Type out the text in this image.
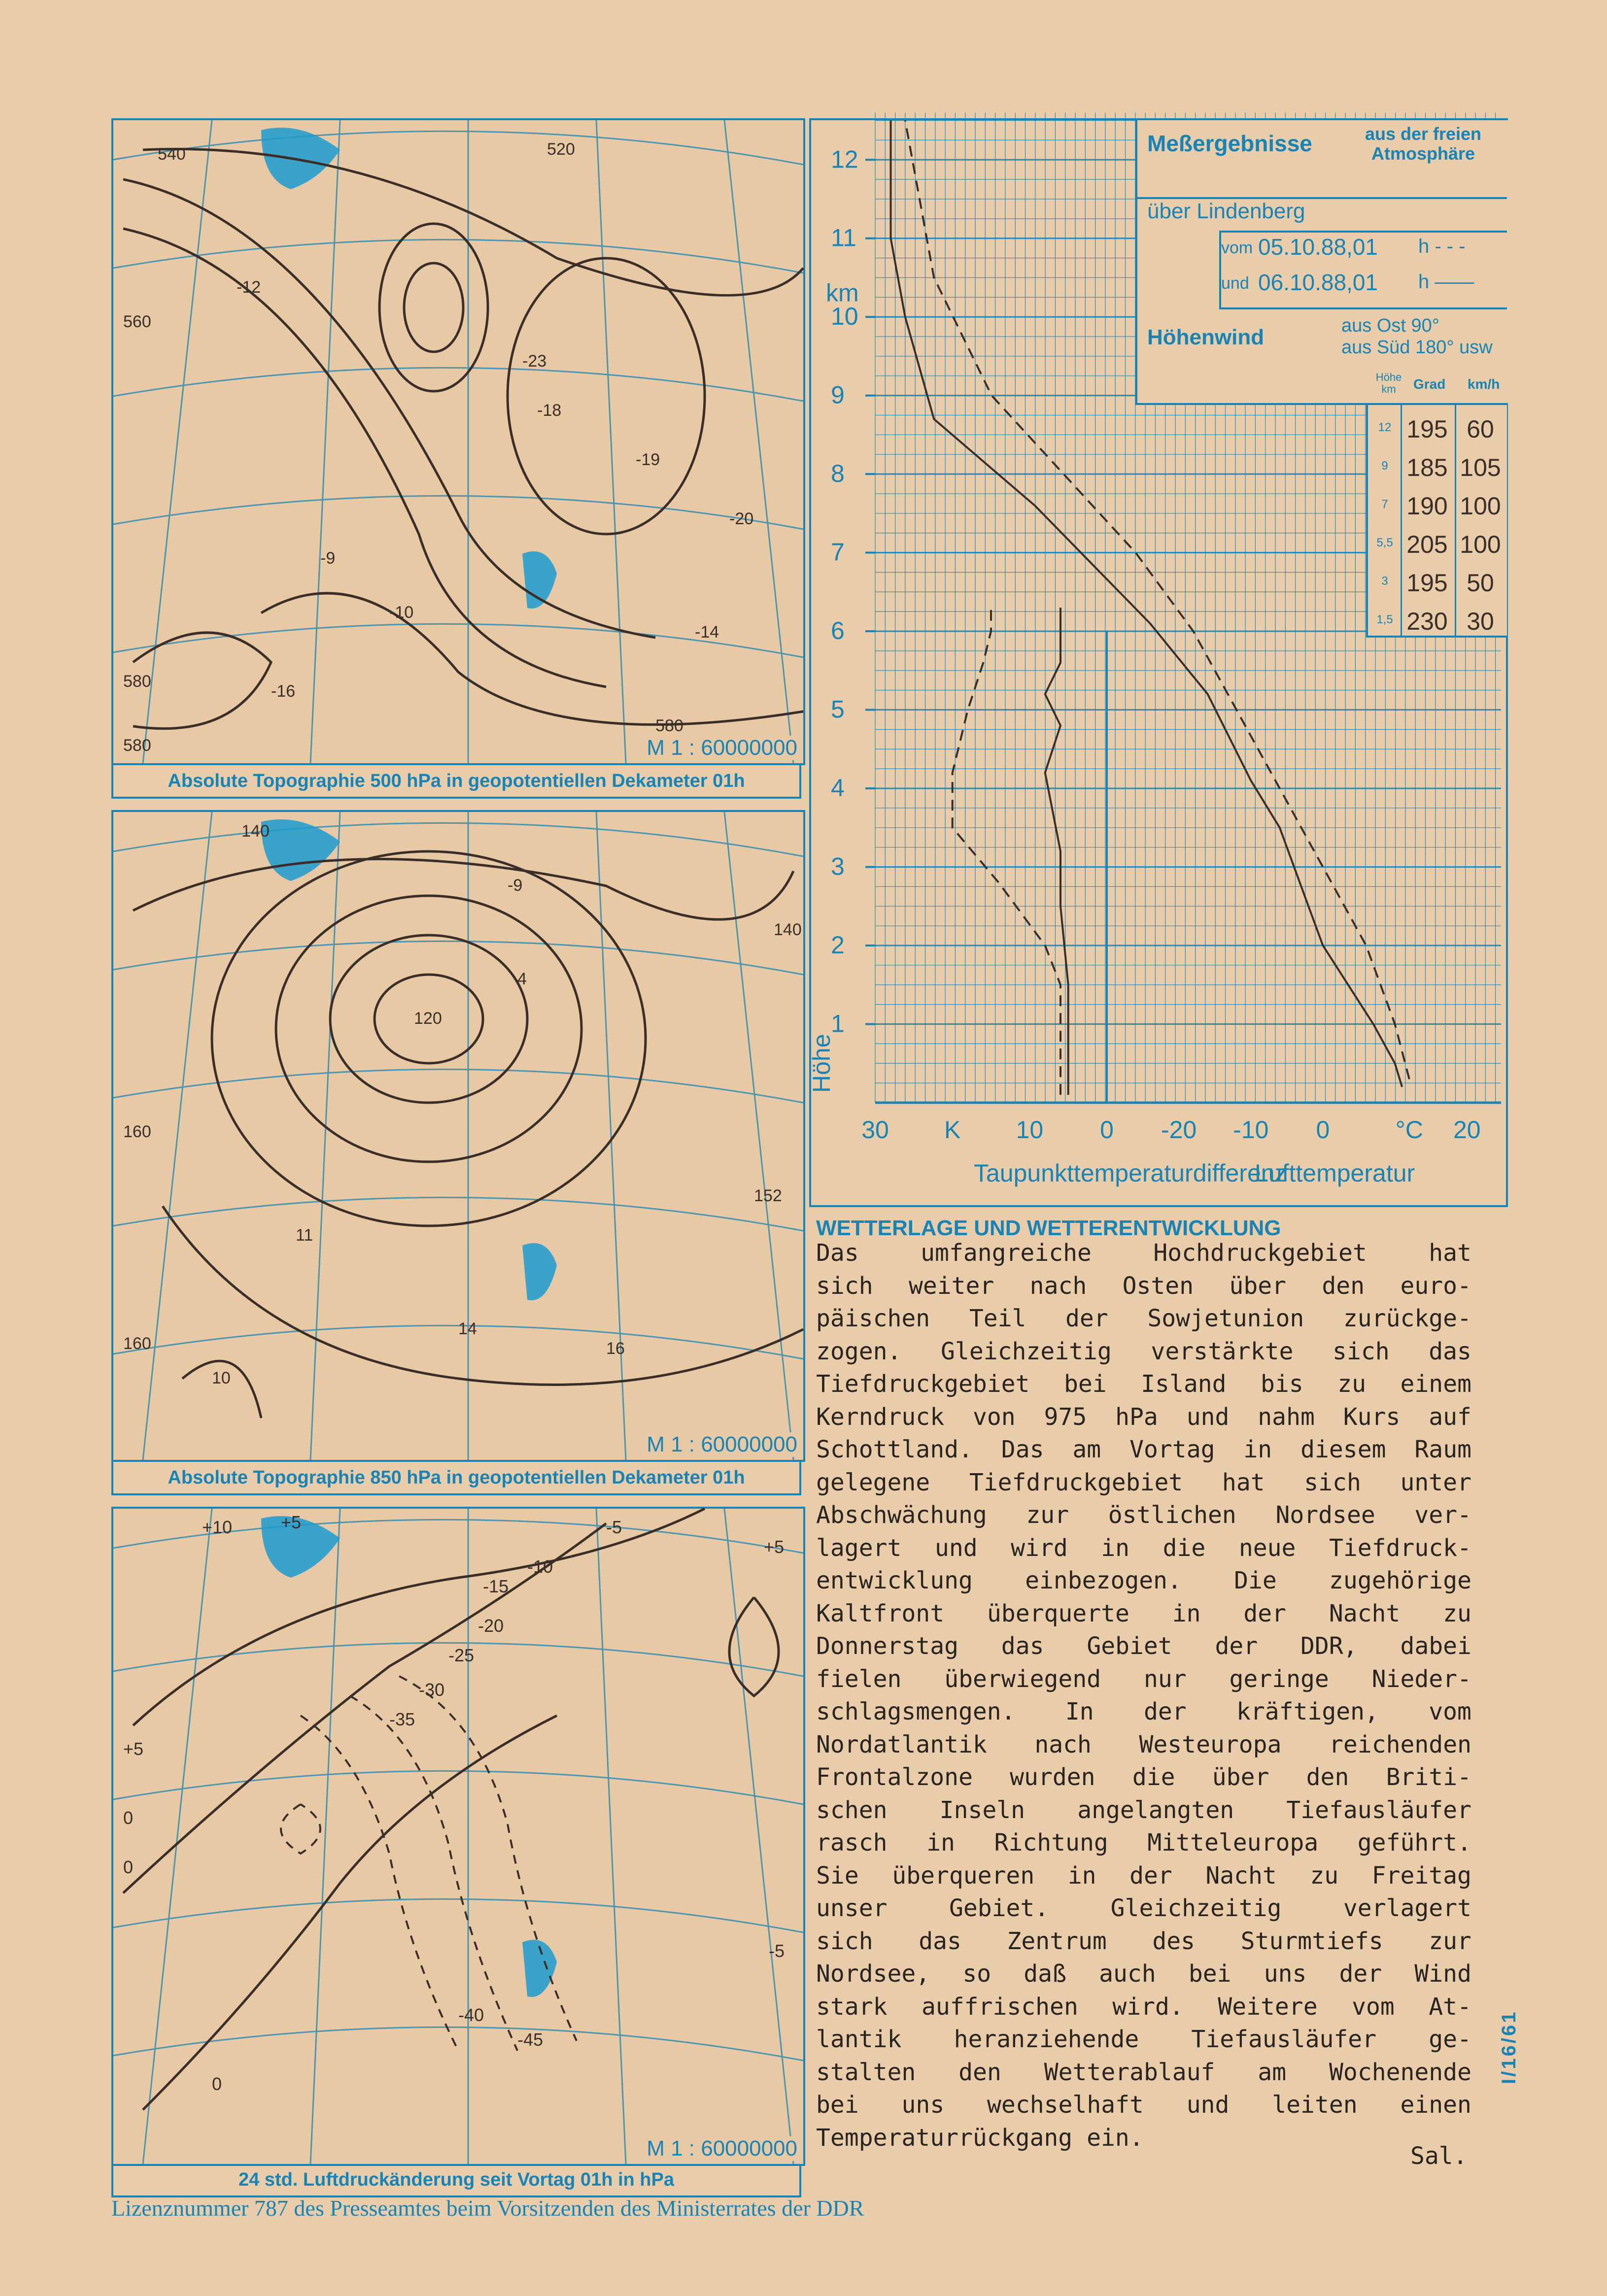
540	520
560
580
580
580
-12
-18
-19
-14
-16
-20
-10
-23
-9
M 1 : 60000000
Absolute Topographie 500 hPa in geopotentiellen Dekameter 01h
140
160
160
120
140
152
-9
10
4
16
14
11
M 1 : 60000000
Absolute Topographie 850 hPa in geopotentiellen Dekameter 01h
+5
+10
+5
0
0
0
-5
-10
-15
-20
-25
-30
-35
-40
-45
+5
-5
M 1 : 60000000
24 std. Luftdruckänderung seit Vortag 01h in hPa
1
2
3
4
5
6
7
8
9
10
11
12
km
Höhe
30 K 10 0 -20 -10 0	°C 20
Taupunkttemperaturdifferenz
Lufttemperatur
Meßergebnisse	aus der freien Atmosphäre
über Lindenberg
vom 05.10.88,01 h - - -
und 06.10.88,01 h ——
Höhenwind	aus Ost 90°
aus Süd 180° usw
Höhe km	Grad km/h
12 195 60
9 185 105
7 190 100
5,5 205 100
3 195 50
1,5 230 30
WETTERLAGE UND WETTERENTWICKLUNG
Das	umfangreiche	Hochdruckgebiet	hat
sich weiter nach Osten über den euro-
päischen Teil der Sowjetunion zurückge-
zogen. Gleichzeitig verstärkte sich das
Tiefdruckgebiet bei Island bis zu einem
Kerndruck von 975 hPa und nahm Kurs auf
Schottland. Das am Vortag in diesem Raum
gelegene Tiefdruckgebiet hat sich unter
Abschwächung zur östlichen Nordsee ver-
lagert und wird in die neue Tiefdruck-
entwicklung einbezogen. Die zugehörige
Kaltfront überquerte in der Nacht zu
Donnerstag das Gebiet der DDR, dabei
fielen überwiegend nur geringe Nieder-
schlagsmengen. In der kräftigen, vom
Nordatlantik nach Westeuropa reichenden
Frontalzone wurden die über den Briti-
schen Inseln angelangten Tiefausläufer
rasch in Richtung Mitteleuropa geführt.
Sie überqueren in der Nacht zu Freitag
unser	Gebiet.	Gleichzeitig	verlagert
sich das Zentrum des Sturmtiefs zur
Nordsee, so daß auch bei uns der Wind
stark auffrischen wird. Weitere vom At-
lantik heranziehende Tiefausläufer ge-
stalten den Wetterablauf am Wochenende
bei uns wechselhaft und leiten einen
Temperaturrückgang ein.
Sal.
Lizenznummer 787 des Presseamtes beim Vorsitzenden des Ministerrates der DDR
I/16/61
